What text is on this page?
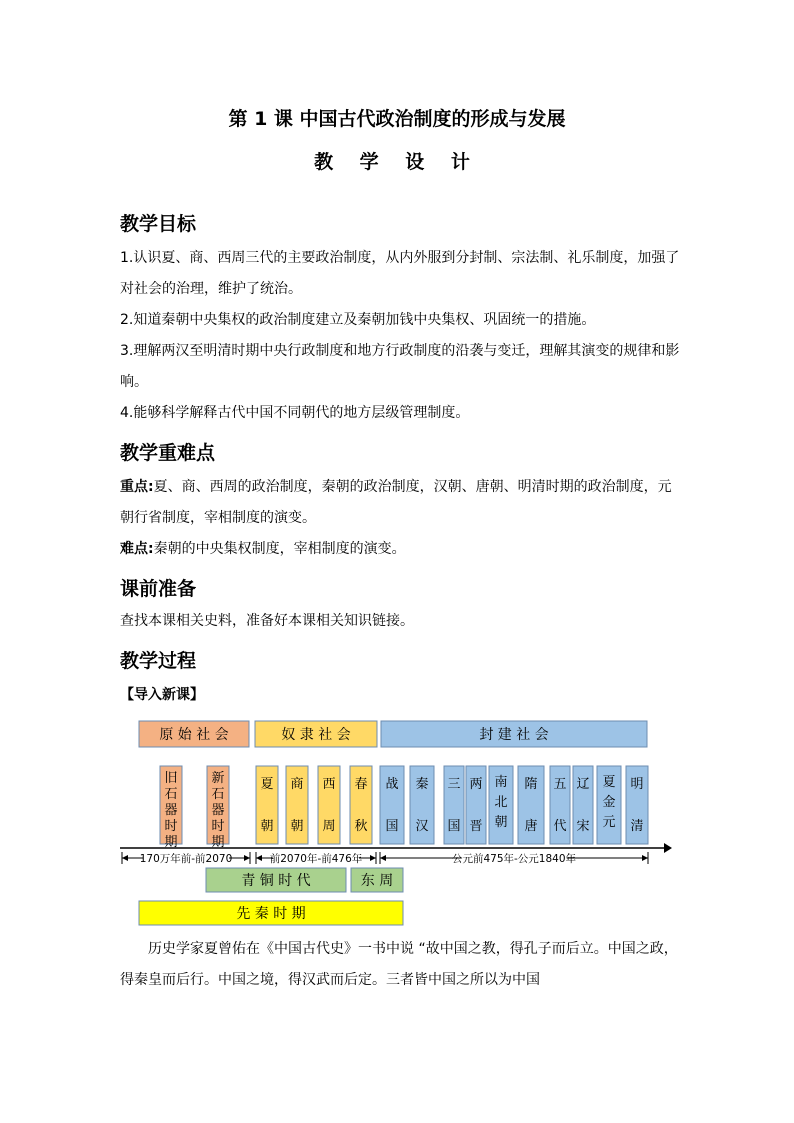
第 1 课 中国古代政治制度的形成与发展
教 学 设 计
教学目标
1.认识夏、商、西周三代的主要政治制度，从内外服到分封制、宗法制、礼乐制度，加强了对社会的治理，维护了统治。
2.知道秦朝中央集权的政治制度建立及秦朝加钱中央集权、巩固统一的措施。
3.理解两汉至明清时期中央行政制度和地方行政制度的沿袭与变迁，理解其演变的规律和影响。
4.能够科学解释古代中国不同朝代的地方层级管理制度。
教学重难点
重点:夏、商、西周的政治制度，秦朝的政治制度，汉朝、唐朝、明清时期的政治制度，元朝行省制度，宰相制度的演变。
难点:秦朝的中央集权制度，宰相制度的演变。
课前准备
查找本课相关史料，准备好本课相关知识链接。
教学过程
【导入新课】
原 始 社 会	奴 隶 社 会	封 建 社 会
旧
石
器
时
期
新
石
器
时
期
夏
朝
商
朝
西
周
春
秋
战
国
秦
汉
三
国
两
晋
南
北
朝
隋
唐
五
代
辽
宋
夏
金
元
明
清
170万年前-前2070	前2070年-前476年	公元前475年-公元1840年
青 铜 时 代	东 周
先 秦 时 期
历史学家夏曾佑在《中国古代史》一书中说 “故中国之教，得孔子而后立。中国之政，得秦皇而后行。中国之境，得汉武而后定。三者皆中国之所以为中国
